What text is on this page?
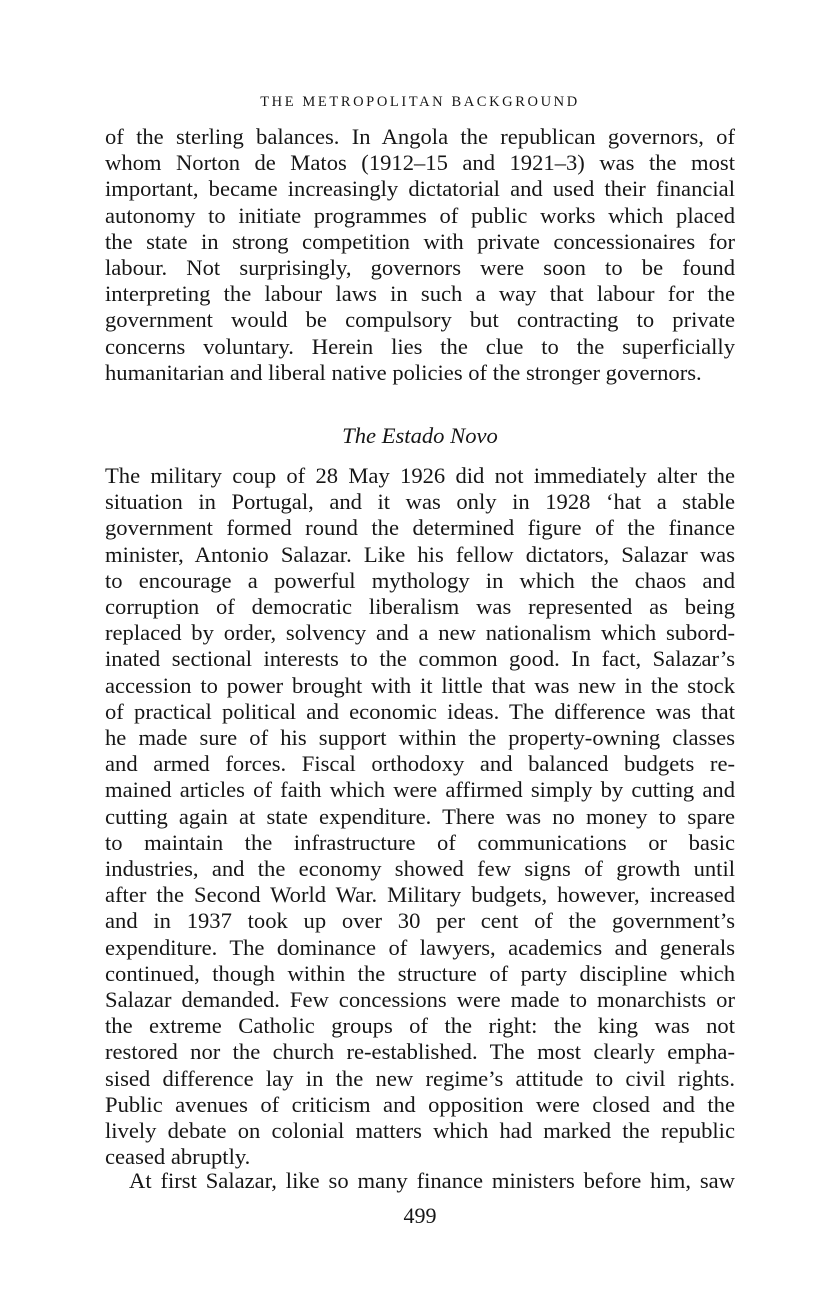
THE METROPOLITAN BACKGROUND
of the sterling balances. In Angola the republican governors, of
whom Norton de Matos (1912–15 and 1921–3) was the most
important, became increasingly dictatorial and used their financial
autonomy to initiate programmes of public works which placed
the state in strong competition with private concessionaires for
labour. Not surprisingly, governors were soon to be found
interpreting the labour laws in such a way that labour for the
government would be compulsory but contracting to private
concerns voluntary. Herein lies the clue to the superficially
humanitarian and liberal native policies of the stronger governors.
The Estado Novo
The military coup of 28 May 1926 did not immediately alter the
situation in Portugal, and it was only in 1928 ‘hat a stable
government formed round the determined figure of the finance
minister, Antonio Salazar. Like his fellow dictators, Salazar was
to encourage a powerful mythology in which the chaos and
corruption of democratic liberalism was represented as being
replaced by order, solvency and a new nationalism which subord-
inated sectional interests to the common good. In fact, Salazar’s
accession to power brought with it little that was new in the stock
of practical political and economic ideas. The difference was that
he made sure of his support within the property-owning classes
and armed forces. Fiscal orthodoxy and balanced budgets re-
mained articles of faith which were affirmed simply by cutting and
cutting again at state expenditure. There was no money to spare
to maintain the infrastructure of communications or basic
industries, and the economy showed few signs of growth until
after the Second World War. Military budgets, however, increased
and in 1937 took up over 30 per cent of the government’s
expenditure. The dominance of lawyers, academics and generals
continued, though within the structure of party discipline which
Salazar demanded. Few concessions were made to monarchists or
the extreme Catholic groups of the right: the king was not
restored nor the church re-established. The most clearly empha-
sised difference lay in the new regime’s attitude to civil rights.
Public avenues of criticism and opposition were closed and the
lively debate on colonial matters which had marked the republic
ceased abruptly.
At first Salazar, like so many finance ministers before him, saw
499
